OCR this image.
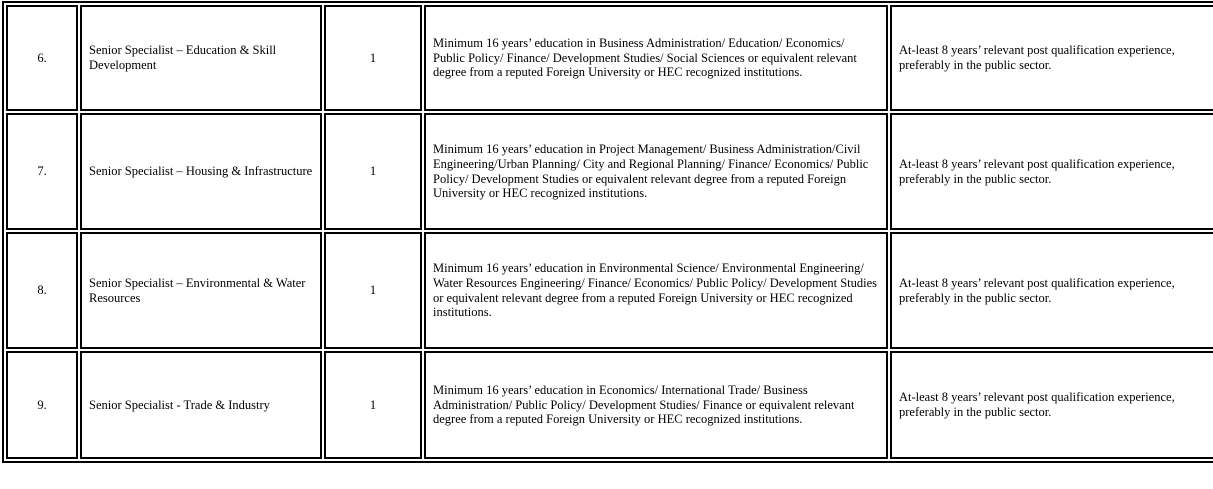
6.	Senior Specialist – Education & Skill Development	1	Minimum 16 years’ education in Business Administration/ Education/ Economics/ Public Policy/ Finance/ Development Studies/ Social Sciences or equivalent relevant degree from a reputed Foreign University or HEC recognized institutions.	At-least 8 years’ relevant post qualification experience, preferably in the public sector.
7.	Senior Specialist – Housing & Infrastructure	1	Minimum 16 years’ education in Project Management/ Business Administration/Civil Engineering/Urban Planning/ City and Regional Planning/ Finance/ Economics/ Public Policy/ Development Studies or equivalent relevant degree from a reputed Foreign University or HEC recognized institutions.	At-least 8 years’ relevant post qualification experience, preferably in the public sector.
8.	Senior Specialist – Environmental & Water Resources	1	Minimum 16 years’ education in Environmental Science/ Environmental Engineering/ Water Resources Engineering/ Finance/ Economics/ Public Policy/ Development Studies or equivalent relevant degree from a reputed Foreign University or HEC recognized institutions.	At-least 8 years’ relevant post qualification experience, preferably in the public sector.
9.	Senior Specialist - Trade & Industry	1	Minimum 16 years’ education in Economics/ International Trade/ Business Administration/ Public Policy/ Development Studies/ Finance or equivalent relevant degree from a reputed Foreign University or HEC recognized institutions.	At-least 8 years’ relevant post qualification experience, preferably in the public sector.
